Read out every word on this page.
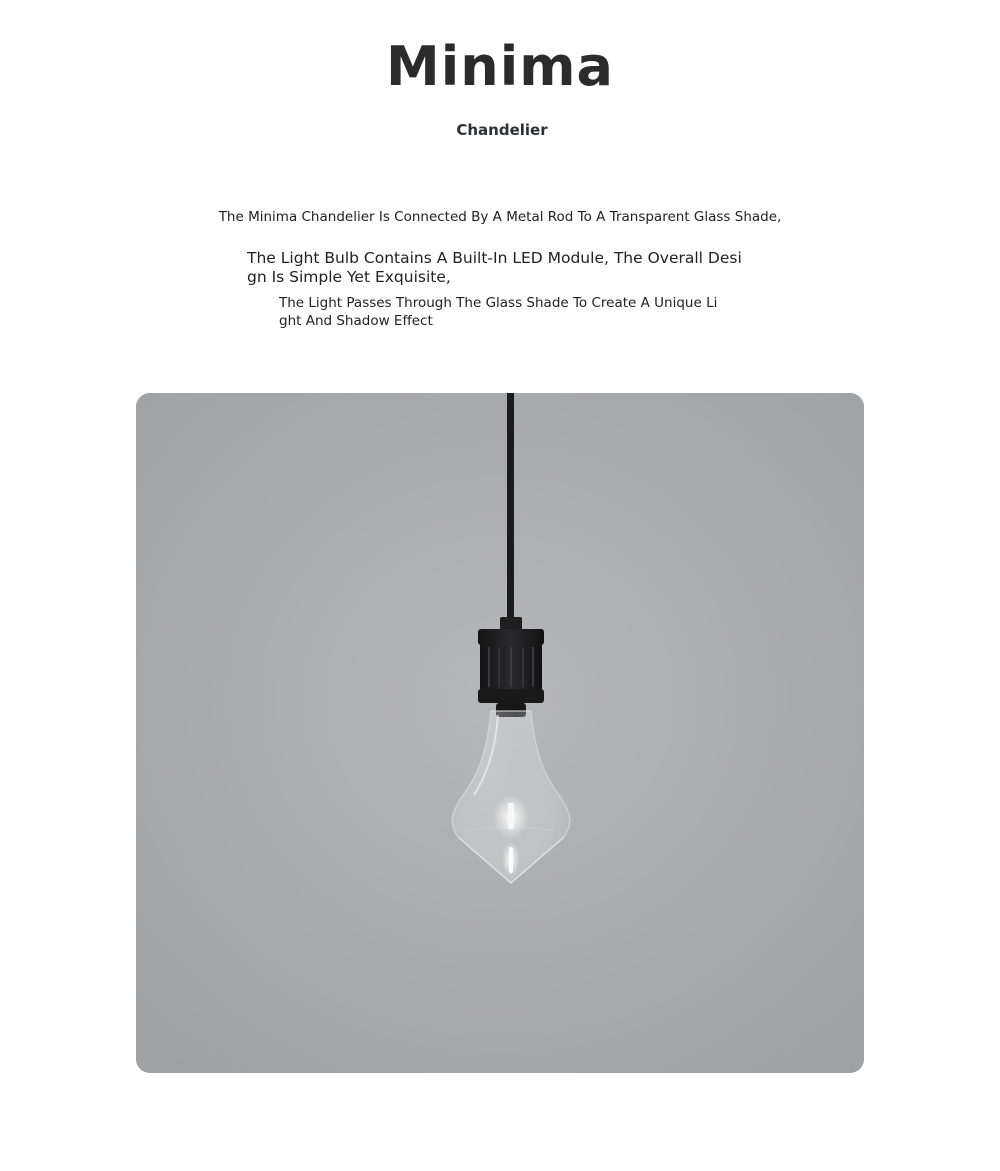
Minima
Chandelier

The Minima Chandelier Is Connected By A Metal Rod To A Transparent Glass Shade,

The Light Bulb Contains A Built-In LED Module, The Overall Design Is Simple Yet Exquisite,

The Light Passes Through The Glass Shade To Create A Unique Light And Shadow Effect
